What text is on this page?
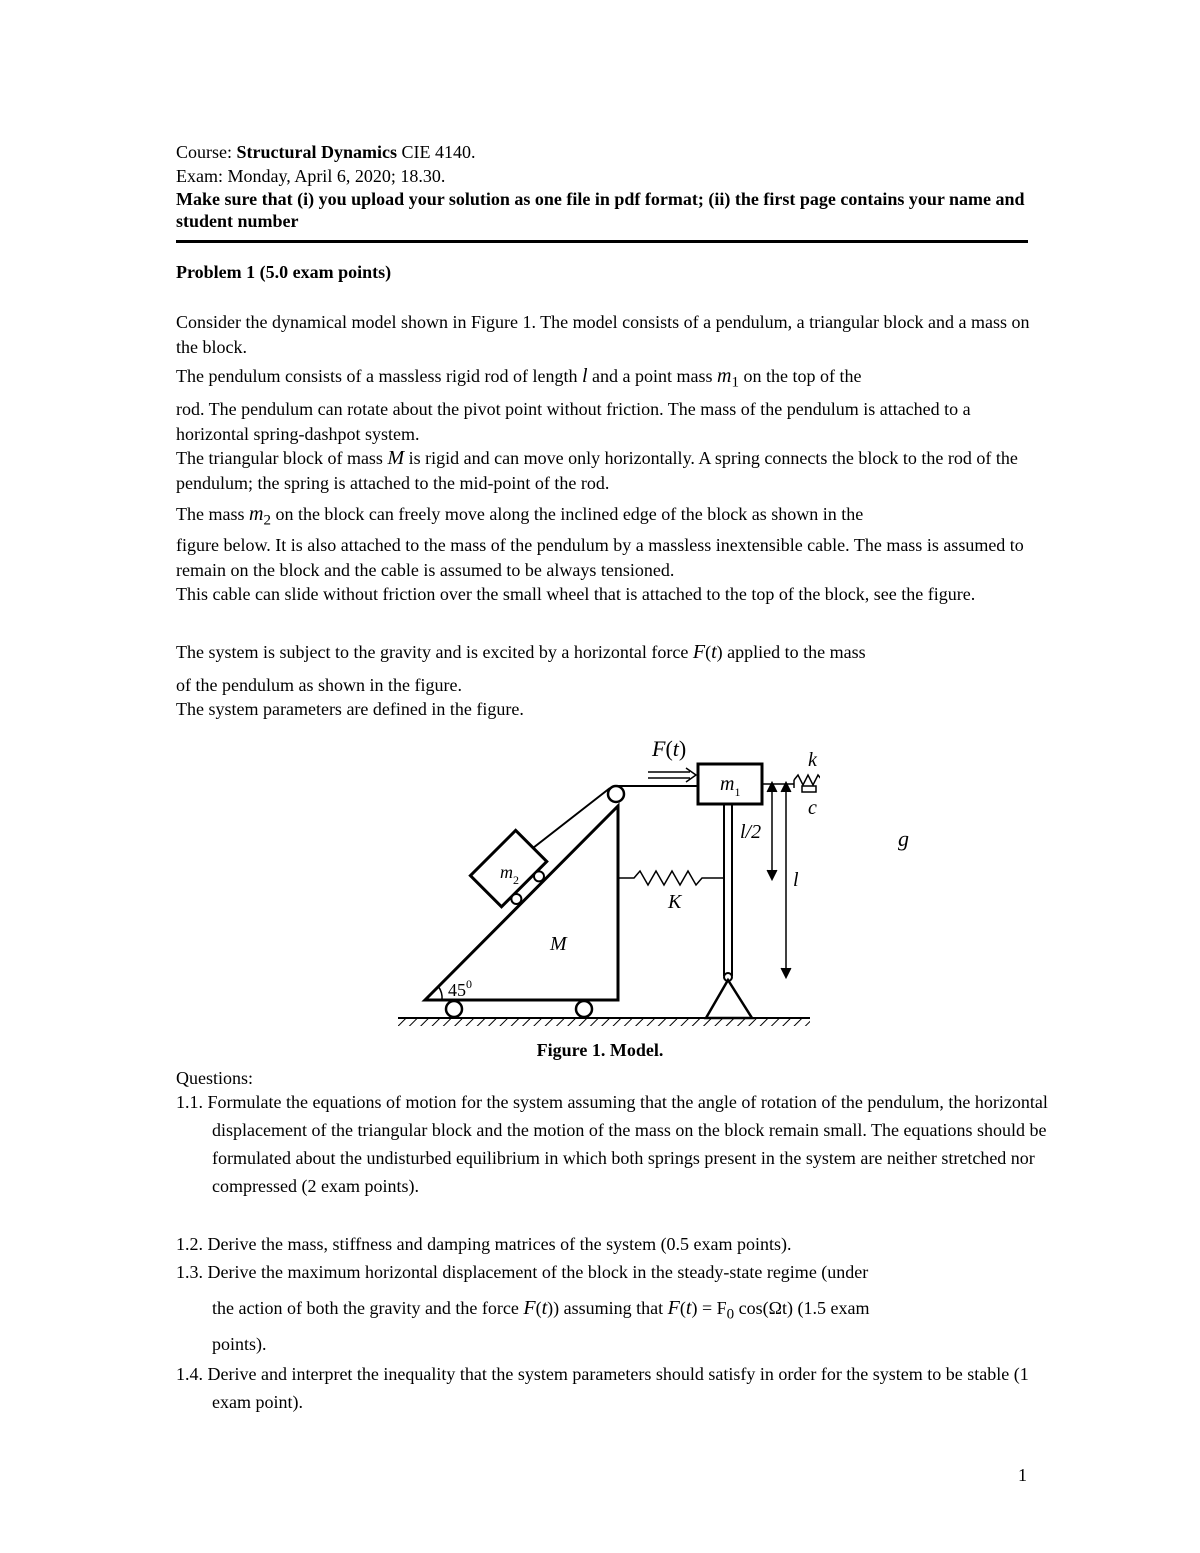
Course: Structural Dynamics CIE 4140.
Exam: Monday, April 6, 2020; 18.30.
Make sure that (i) you upload your solution as one file in pdf format; (ii) the first page contains your name and student number
Problem 1 (5.0 exam points)
Consider the dynamical model shown in Figure 1. The model consists of a pendulum, a triangular block and a mass on the block.
The pendulum consists of a massless rigid rod of length l and a point mass $m_1$ on the top of the
rod. The pendulum can rotate about the pivot point without friction. The mass of the pendulum is attached to a horizontal spring-dashpot system.
The triangular block of mass M is rigid and can move only horizontally. A spring connects the block to the rod of the pendulum; the spring is attached to the mid-point of the rod.
The mass $m_2$ on the block can freely move along the inclined edge of the block as shown in the
figure below. It is also attached to the mass of the pendulum by a massless inextensible cable. The mass is assumed to remain on the block and the cable is assumed to be always tensioned.
This cable can slide without friction over the small wheel that is attached to the top of the block, see the figure.
The system is subject to the gravity and is excited by a horizontal force F(t) applied to the mass
of the pendulum as shown in the figure.
The system parameters are defined in the figure.
M
$45^0$
$m_2$
F(t)
$m_1$
K
k
c
l/2
l
g
Figure 1. Model.
Questions:
1.1. Formulate the equations of motion for the system assuming that the angle of rotation of the pendulum, the horizontal displacement of the triangular block and the motion of the mass on the block remain small. The equations should be formulated about the undisturbed equilibrium in which both springs present in the system are neither stretched nor compressed (2 exam points).
1.2. Derive the mass, stiffness and damping matrices of the system (0.5 exam points).
1.3. Derive the maximum horizontal displacement of the block in the steady-state regime (under
the action of both the gravity and the force F(t)) assuming that $F(t) = F_0$ cos(Ωt) (1.5 exam
points).
1.4. Derive and interpret the inequality that the system parameters should satisfy in order for the system to be stable (1 exam point).
1
